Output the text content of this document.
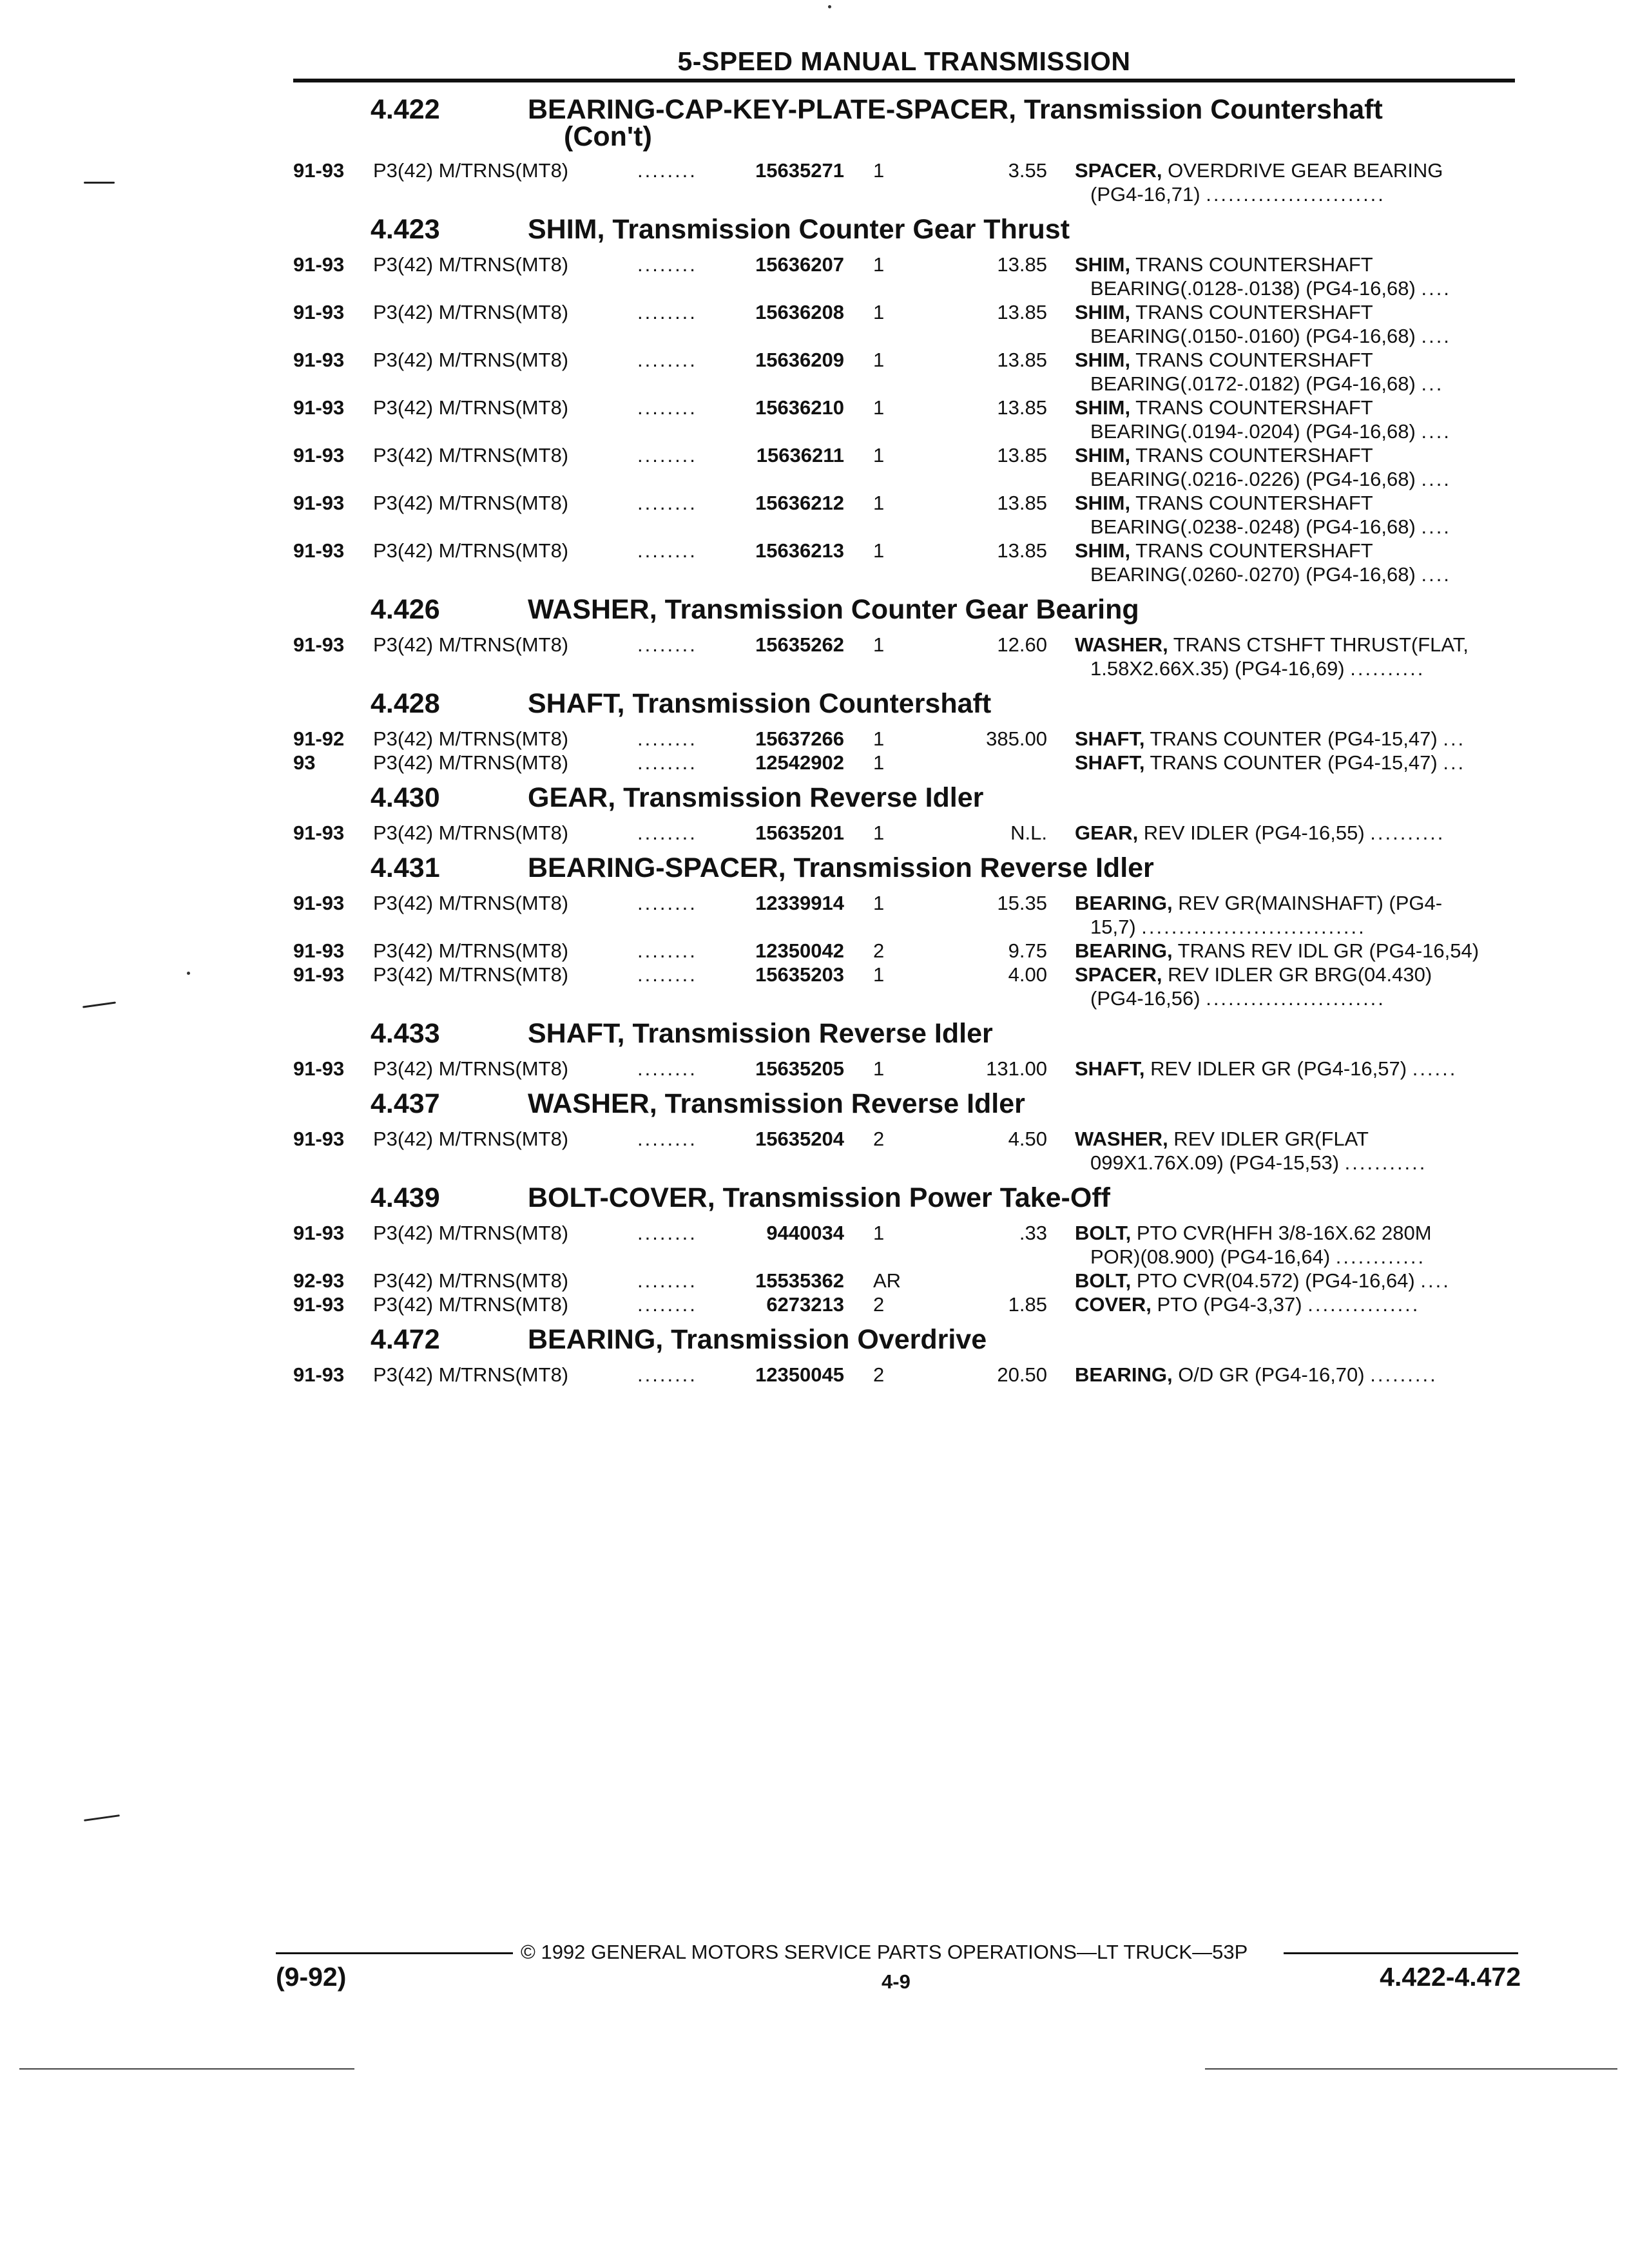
5-SPEED MANUAL TRANSMISSION
4.422	BEARING-CAP-KEY-PLATE-SPACER, Transmission Countershaft
(Con't)
91-93 P3(42) M/TRNS(MT8)	........	15635271 1	3.55 SPACER, OVERDRIVE GEAR BEARING
(PG4-16,71) ........................
4.423	SHIM, Transmission Counter Gear Thrust
91-93 P3(42) M/TRNS(MT8)	........	15636207 1	13.85 SHIM, TRANS COUNTERSHAFT
BEARING(.0128-.0138) (PG4-16,68) ....
91-93 P3(42) M/TRNS(MT8)	........	15636208 1	13.85 SHIM, TRANS COUNTERSHAFT
BEARING(.0150-.0160) (PG4-16,68) ....
91-93 P3(42) M/TRNS(MT8)	........	15636209 1	13.85 SHIM, TRANS COUNTERSHAFT
BEARING(.0172-.0182) (PG4-16,68) ...
91-93 P3(42) M/TRNS(MT8)	........	15636210 1	13.85 SHIM, TRANS COUNTERSHAFT
BEARING(.0194-.0204) (PG4-16,68) ....
91-93 P3(42) M/TRNS(MT8)	........	15636211 1	13.85 SHIM, TRANS COUNTERSHAFT
BEARING(.0216-.0226) (PG4-16,68) ....
91-93 P3(42) M/TRNS(MT8)	........	15636212 1	13.85 SHIM, TRANS COUNTERSHAFT
BEARING(.0238-.0248) (PG4-16,68) ....
91-93 P3(42) M/TRNS(MT8)	........	15636213 1	13.85 SHIM, TRANS COUNTERSHAFT
BEARING(.0260-.0270) (PG4-16,68) ....
4.426	WASHER, Transmission Counter Gear Bearing
91-93 P3(42) M/TRNS(MT8)	........	15635262 1	12.60 WASHER, TRANS CTSHFT THRUST(FLAT,
1.58X2.66X.35) (PG4-16,69) ..........
4.428	SHAFT, Transmission Countershaft
91-92 P3(42) M/TRNS(MT8)	........	15637266 1	385.00 SHAFT, TRANS COUNTER (PG4-15,47) ...
93	P3(42) M/TRNS(MT8)	........	12542902 1	SHAFT, TRANS COUNTER (PG4-15,47) ...
4.430	GEAR, Transmission Reverse Idler
91-93 P3(42) M/TRNS(MT8)	........	15635201 1	N.L. GEAR, REV IDLER (PG4-16,55) ..........
4.431	BEARING-SPACER, Transmission Reverse Idler
91-93 P3(42) M/TRNS(MT8)	........	12339914 1	15.35 BEARING, REV GR(MAINSHAFT) (PG4-
15,7) ..............................
91-93 P3(42) M/TRNS(MT8)	........	12350042 2	9.75 BEARING, TRANS REV IDL GR (PG4-16,54)
91-93 P3(42) M/TRNS(MT8)	........	15635203 1	4.00 SPACER, REV IDLER GR BRG(04.430)
(PG4-16,56) ........................
4.433	SHAFT, Transmission Reverse Idler
91-93 P3(42) M/TRNS(MT8)	........	15635205 1	131.00 SHAFT, REV IDLER GR (PG4-16,57) ......
4.437	WASHER, Transmission Reverse Idler
91-93 P3(42) M/TRNS(MT8)	........	15635204 2	4.50 WASHER, REV IDLER GR(FLAT
099X1.76X.09) (PG4-15,53) ...........
4.439	BOLT-COVER, Transmission Power Take-Off
91-93 P3(42) M/TRNS(MT8)	........	9440034 1	.33 BOLT, PTO CVR(HFH 3/8-16X.62 280M
POR)(08.900) (PG4-16,64) ............
92-93 P3(42) M/TRNS(MT8)	........	15535362 AR	BOLT, PTO CVR(04.572) (PG4-16,64) ....
91-93 P3(42) M/TRNS(MT8)	........	6273213 2	1.85 COVER, PTO (PG4-3,37) ...............
4.472	BEARING, Transmission Overdrive
91-93 P3(42) M/TRNS(MT8)	........	12350045 2	20.50 BEARING, O/D GR (PG4-16,70) .........
(9-92)
© 1992 GENERAL MOTORS SERVICE PARTS OPERATIONS—LT TRUCK—53P
4-9	4.422-4.472
